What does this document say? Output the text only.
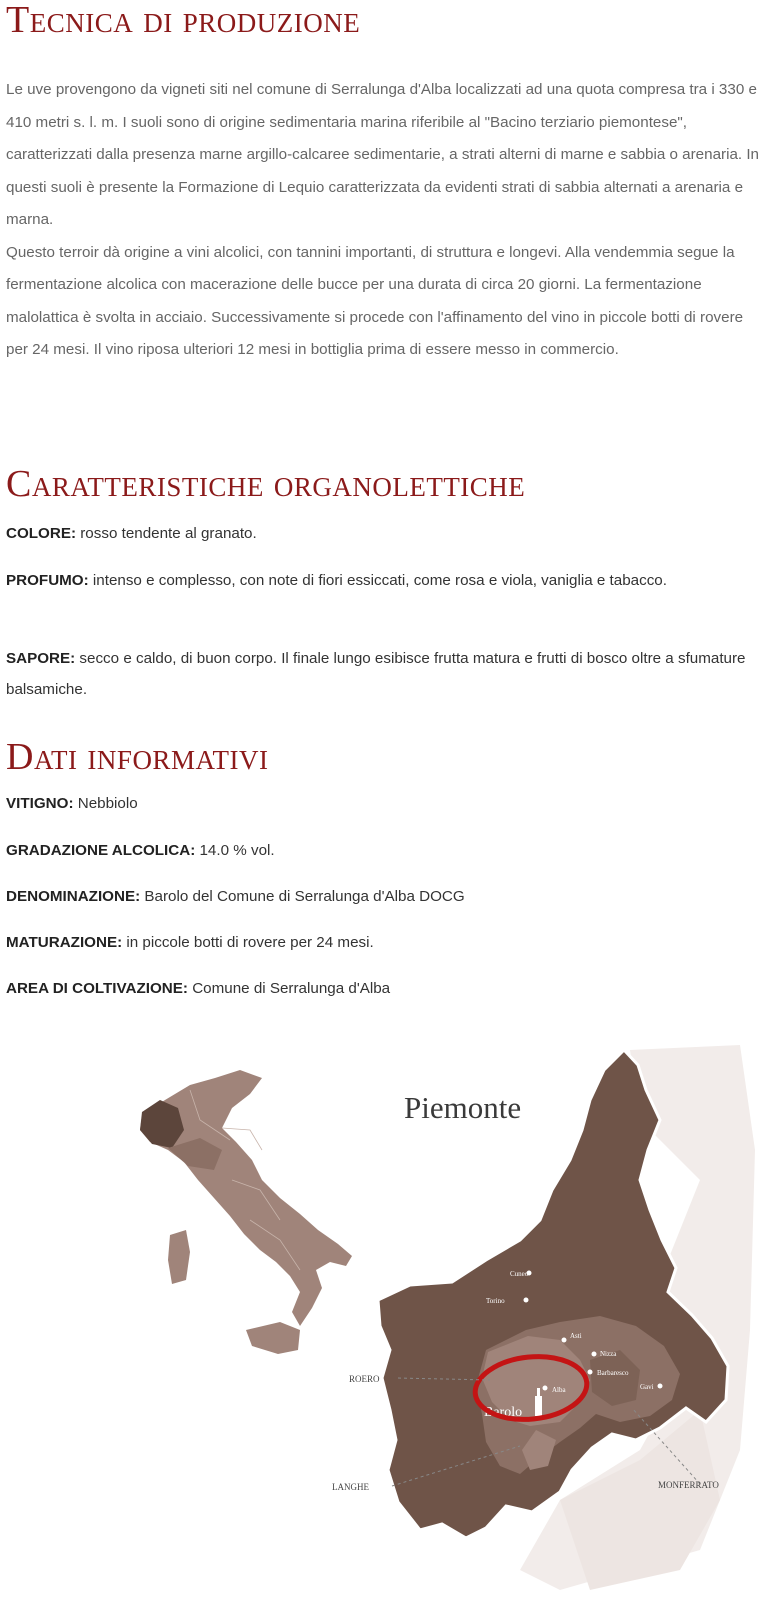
Tecnica di produzione

Le uve provengono da vigneti siti nel comune di Serralunga d'Alba localizzati ad una quota compresa tra i 330 e 410 metri s. l. m. I suoli sono di origine sedimentaria marina riferibile al "Bacino terziario piemontese", caratterizzati dalla presenza marne argillo-calcaree sedimentarie, a strati alterni di marne e sabbia o arenaria. In questi suoli è presente la Formazione di Lequio caratterizzata da evidenti strati di sabbia alternati a arenaria e marna.

Questo terroir dà origine a vini alcolici, con tannini importanti, di struttura e longevi. Alla vendemmia segue la fermentazione alcolica con macerazione delle bucce per una durata di circa 20 giorni. La fermentazione malolattica è svolta in acciaio. Successivamente si procede con l'affinamento del vino in piccole botti di rovere per 24 mesi. Il vino riposa ulteriori 12 mesi in bottiglia prima di essere messo in commercio.

Caratteristiche organolettiche
COLORE: rosso tendente al granato.
PROFUMO: intenso e complesso, con note di fiori essiccati, come rosa e viola, vaniglia e tabacco.
SAPORE: secco e caldo, di buon corpo. Il finale lungo esibisce frutta matura e frutti di bosco oltre a sfumature balsamiche.
Dati informativi
VITIGNO: Nebbiolo
GRADAZIONE ALCOLICA: 14.0 % vol.
DENOMINAZIONE: Barolo del Comune di Serralunga d'Alba DOCG
MATURAZIONE: in piccole botti di rovere per 24 mesi.
AREA DI COLTIVAZIONE: Comune di Serralunga d'Alba
Piemonte
Cuneo
Torino
Asti
Nizza
Alba
Barbaresco
Gavi
Barolo
ROERO
LANGHE	MONFERRATO
